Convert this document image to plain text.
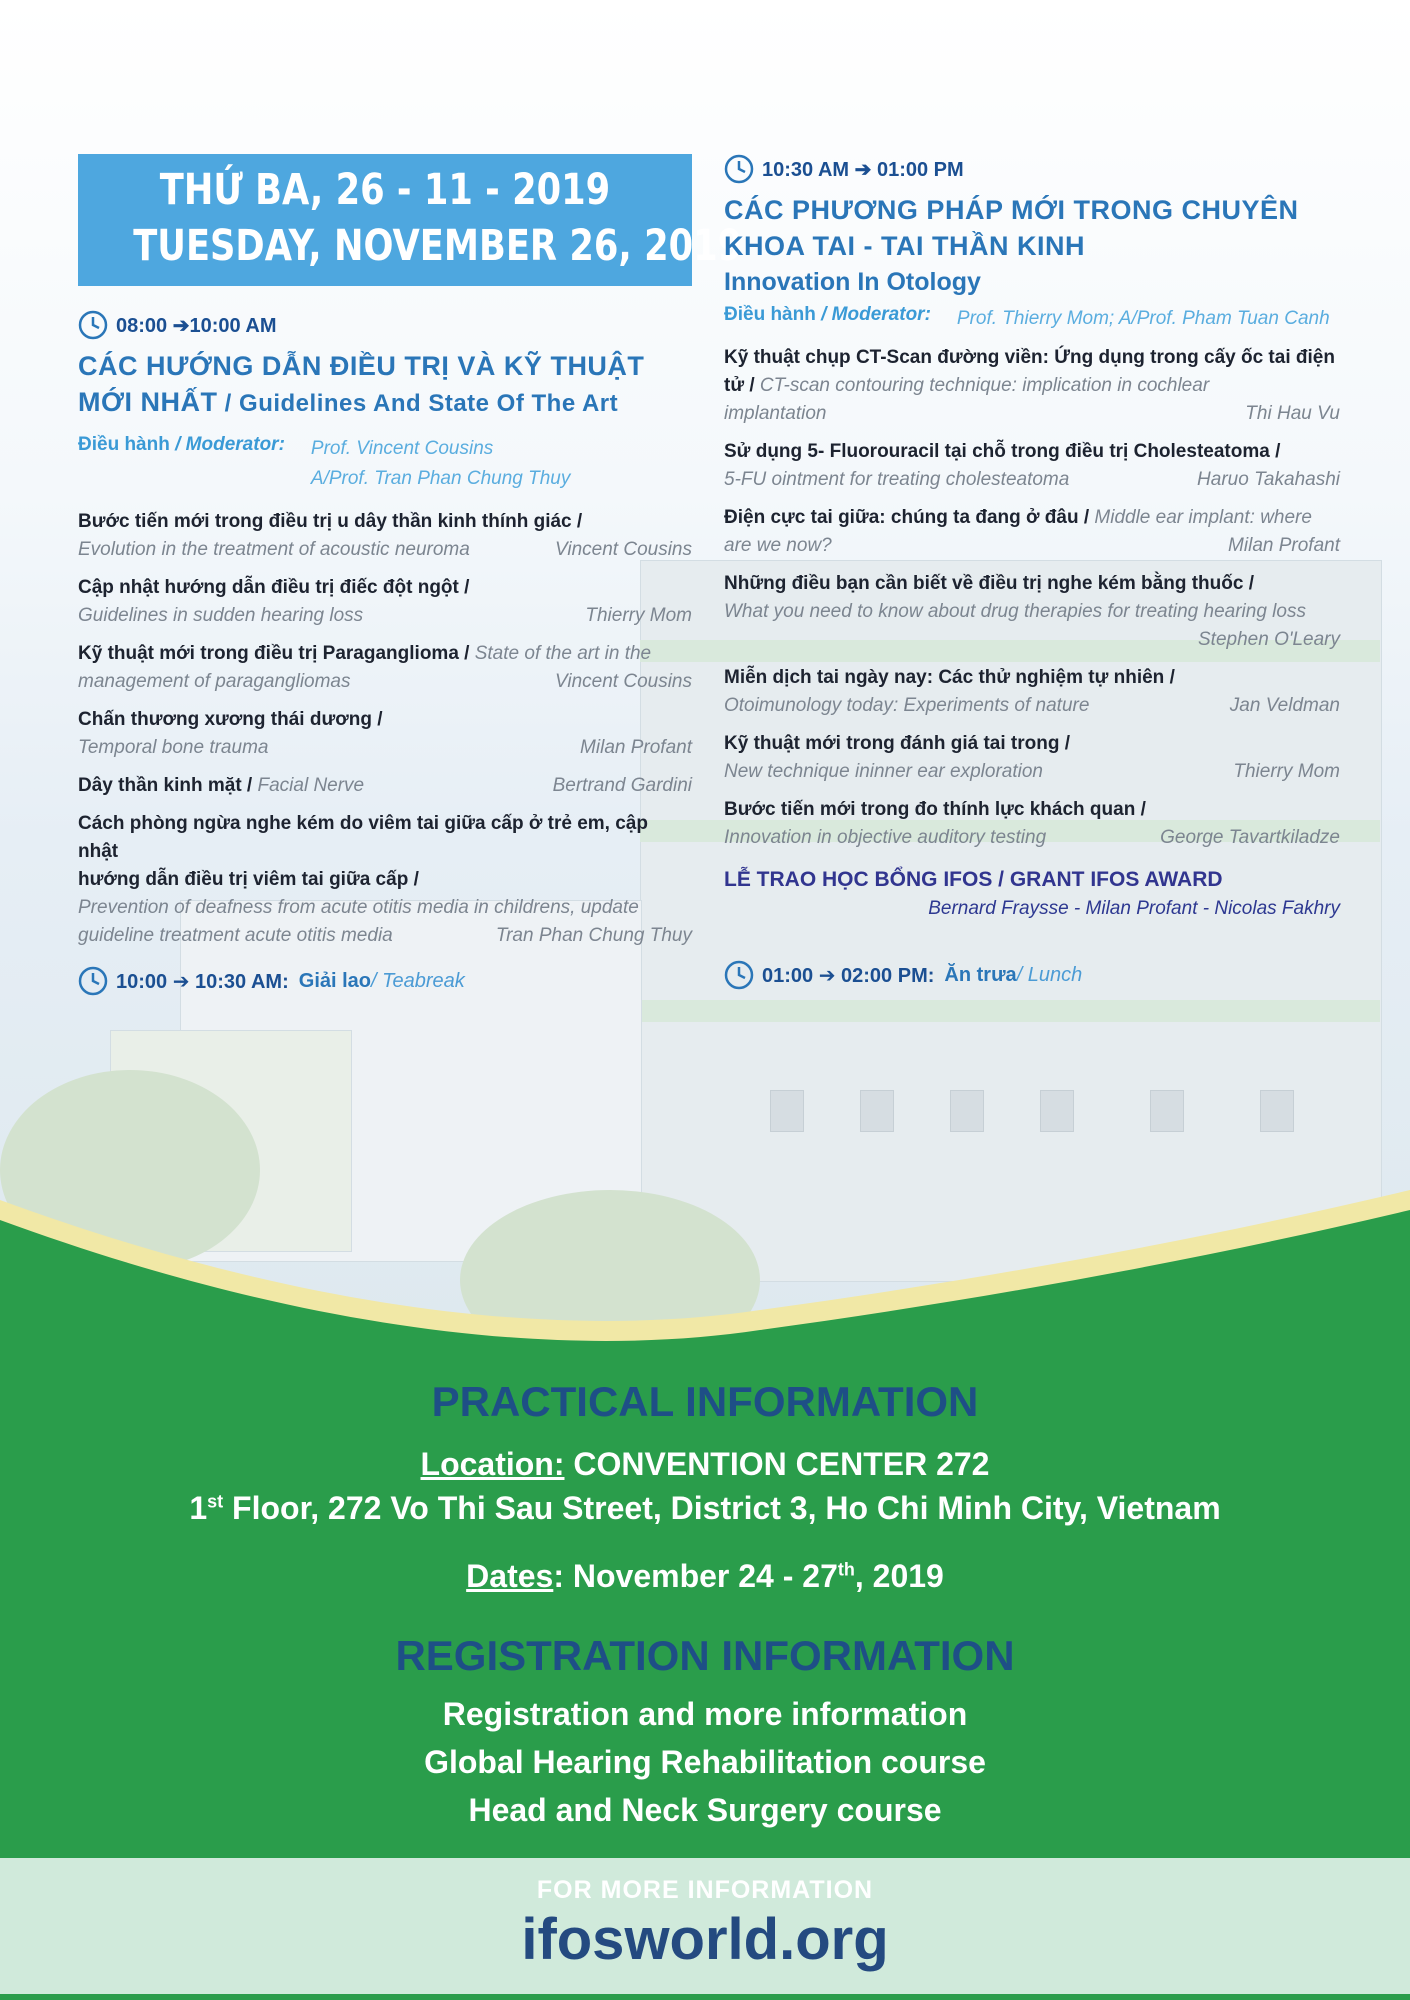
THỨ BA, 26 - 11 - 2019
TUESDAY, NOVEMBER 26, 2019
08:00 ➔10:00 AM
CÁC HƯỚNG DẪN ĐIỀU TRỊ VÀ KỸ THUẬT
MỚI NHẤT / Guidelines And State Of The Art
Điều hành / Moderator: Prof. Vincent Cousins
A/Prof. Tran Phan Chung Thuy
Bước tiến mới trong điều trị u dây thần kinh thính giác /
Evolution in the treatment of acoustic neuroma	Vincent Cousins
Cập nhật hướng dẫn điều trị điếc đột ngột /
Guidelines in sudden hearing loss	Thierry Mom
Kỹ thuật mới trong điều trị Paraganglioma / State of the art in the
management of paragangliomas	Vincent Cousins
Chấn thương xương thái dương /
Temporal bone trauma	Milan Profant
Dây thần kinh mặt / Facial Nerve	Bertrand Gardini
Cách phòng ngừa nghe kém do viêm tai giữa cấp ở trẻ em, cập nhật
hướng dẫn điều trị viêm tai giữa cấp /
Prevention of deafness from acute otitis media in childrens, update
guideline treatment acute otitis media	Tran Phan Chung Thuy
10:00 ➔ 10:30 AM: Giải lao / Teabreak
10:30 AM ➔ 01:00 PM
CÁC PHƯƠNG PHÁP MỚI TRONG CHUYÊN
KHOA TAI - TAI THẦN KINH
Innovation In Otology
Điều hành / Moderator: Prof. Thierry Mom; A/Prof. Pham Tuan Canh
Kỹ thuật chụp CT-Scan đường viền: Ứng dụng trong cấy ốc tai điện
tử / CT-scan contouring technique: implication in cochlear
implantation	Thi Hau Vu
Sử dụng 5- Fluorouracil tại chỗ trong điều trị Cholesteatoma /
5-FU ointment for treating cholesteatoma	Haruo Takahashi
Điện cực tai giữa: chúng ta đang ở đâu / Middle ear implant: where
are we now?	Milan Profant
Những điều bạn cần biết về điều trị nghe kém bằng thuốc /
What you need to know about drug therapies for treating hearing loss
Stephen O'Leary
Miễn dịch tai ngày nay: Các thử nghiệm tự nhiên /
Otoimunology today: Experiments of nature	Jan Veldman
Kỹ thuật mới trong đánh giá tai trong /
New technique ininner ear exploration	Thierry Mom
Bước tiến mới trong đo thính lực khách quan /
Innovation in objective auditory testing	George Tavartkiladze
LỄ TRAO HỌC BỔNG IFOS / GRANT IFOS AWARD
Bernard Fraysse - Milan Profant - Nicolas Fakhry
01:00 ➔ 02:00 PM: Ăn trưa / Lunch
PRACTICAL INFORMATION
Location: CONVENTION CENTER 272
1st Floor, 272 Vo Thi Sau Street, District 3, Ho Chi Minh City, Vietnam
Dates: November 24 - 27th, 2019
REGISTRATION INFORMATION
Registration and more information
Global Hearing Rehabilitation course
Head and Neck Surgery course
FOR MORE INFORMATION
ifosworld.org
